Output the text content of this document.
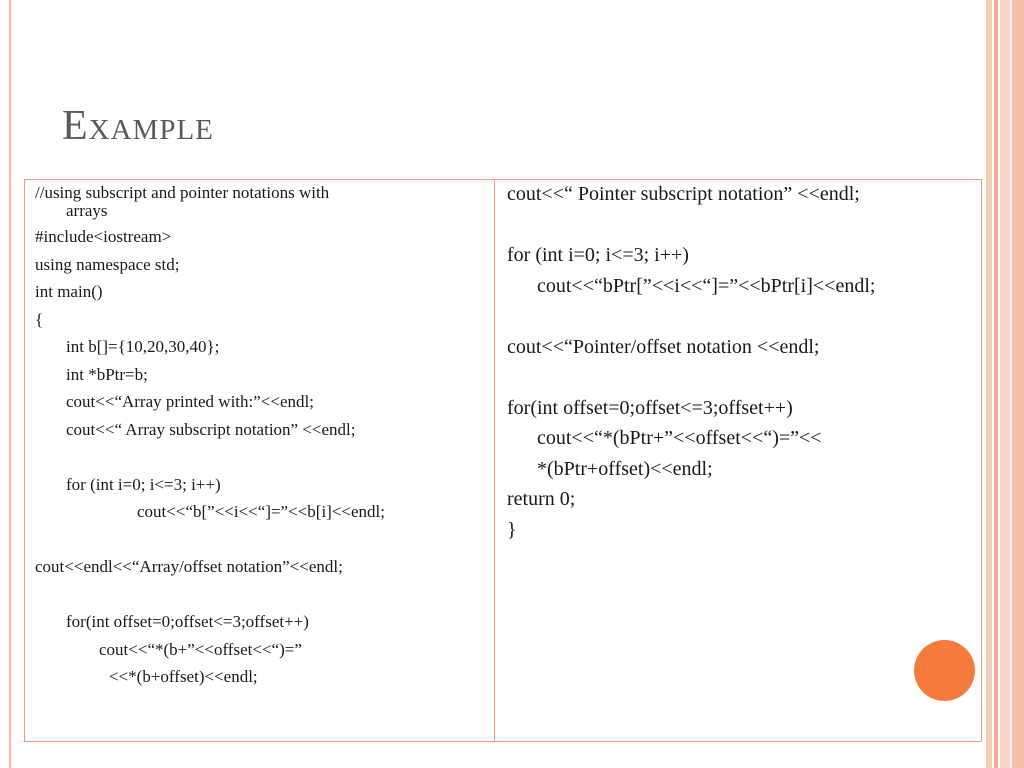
Example
//using subscript and pointer notations with
arrays
#include<iostream>
using namespace std;
int main()
{
int b[]={10,20,30,40};
int *bPtr=b;
cout<<“Array printed with:”<<endl;
cout<<“ Array subscript notation” <<endl;
for (int i=0; i<=3; i++)
cout<<“b[”<<i<<“]=”<<b[i]<<endl;
cout<<endl<<“Array/offset notation”<<endl;
for(int offset=0;offset<=3;offset++)
cout<<“*(b+”<<offset<<“)=”
<<*(b+offset)<<endl;
cout<<“ Pointer subscript notation” <<endl;
for (int i=0; i<=3; i++)
cout<<“bPtr[”<<i<<“]=”<<bPtr[i]<<endl;
cout<<“Pointer/offset notation <<endl;
for(int offset=0;offset<=3;offset++)
cout<<“*(bPtr+”<<offset<<“)=”<<
*(bPtr+offset)<<endl;
return 0;
}
